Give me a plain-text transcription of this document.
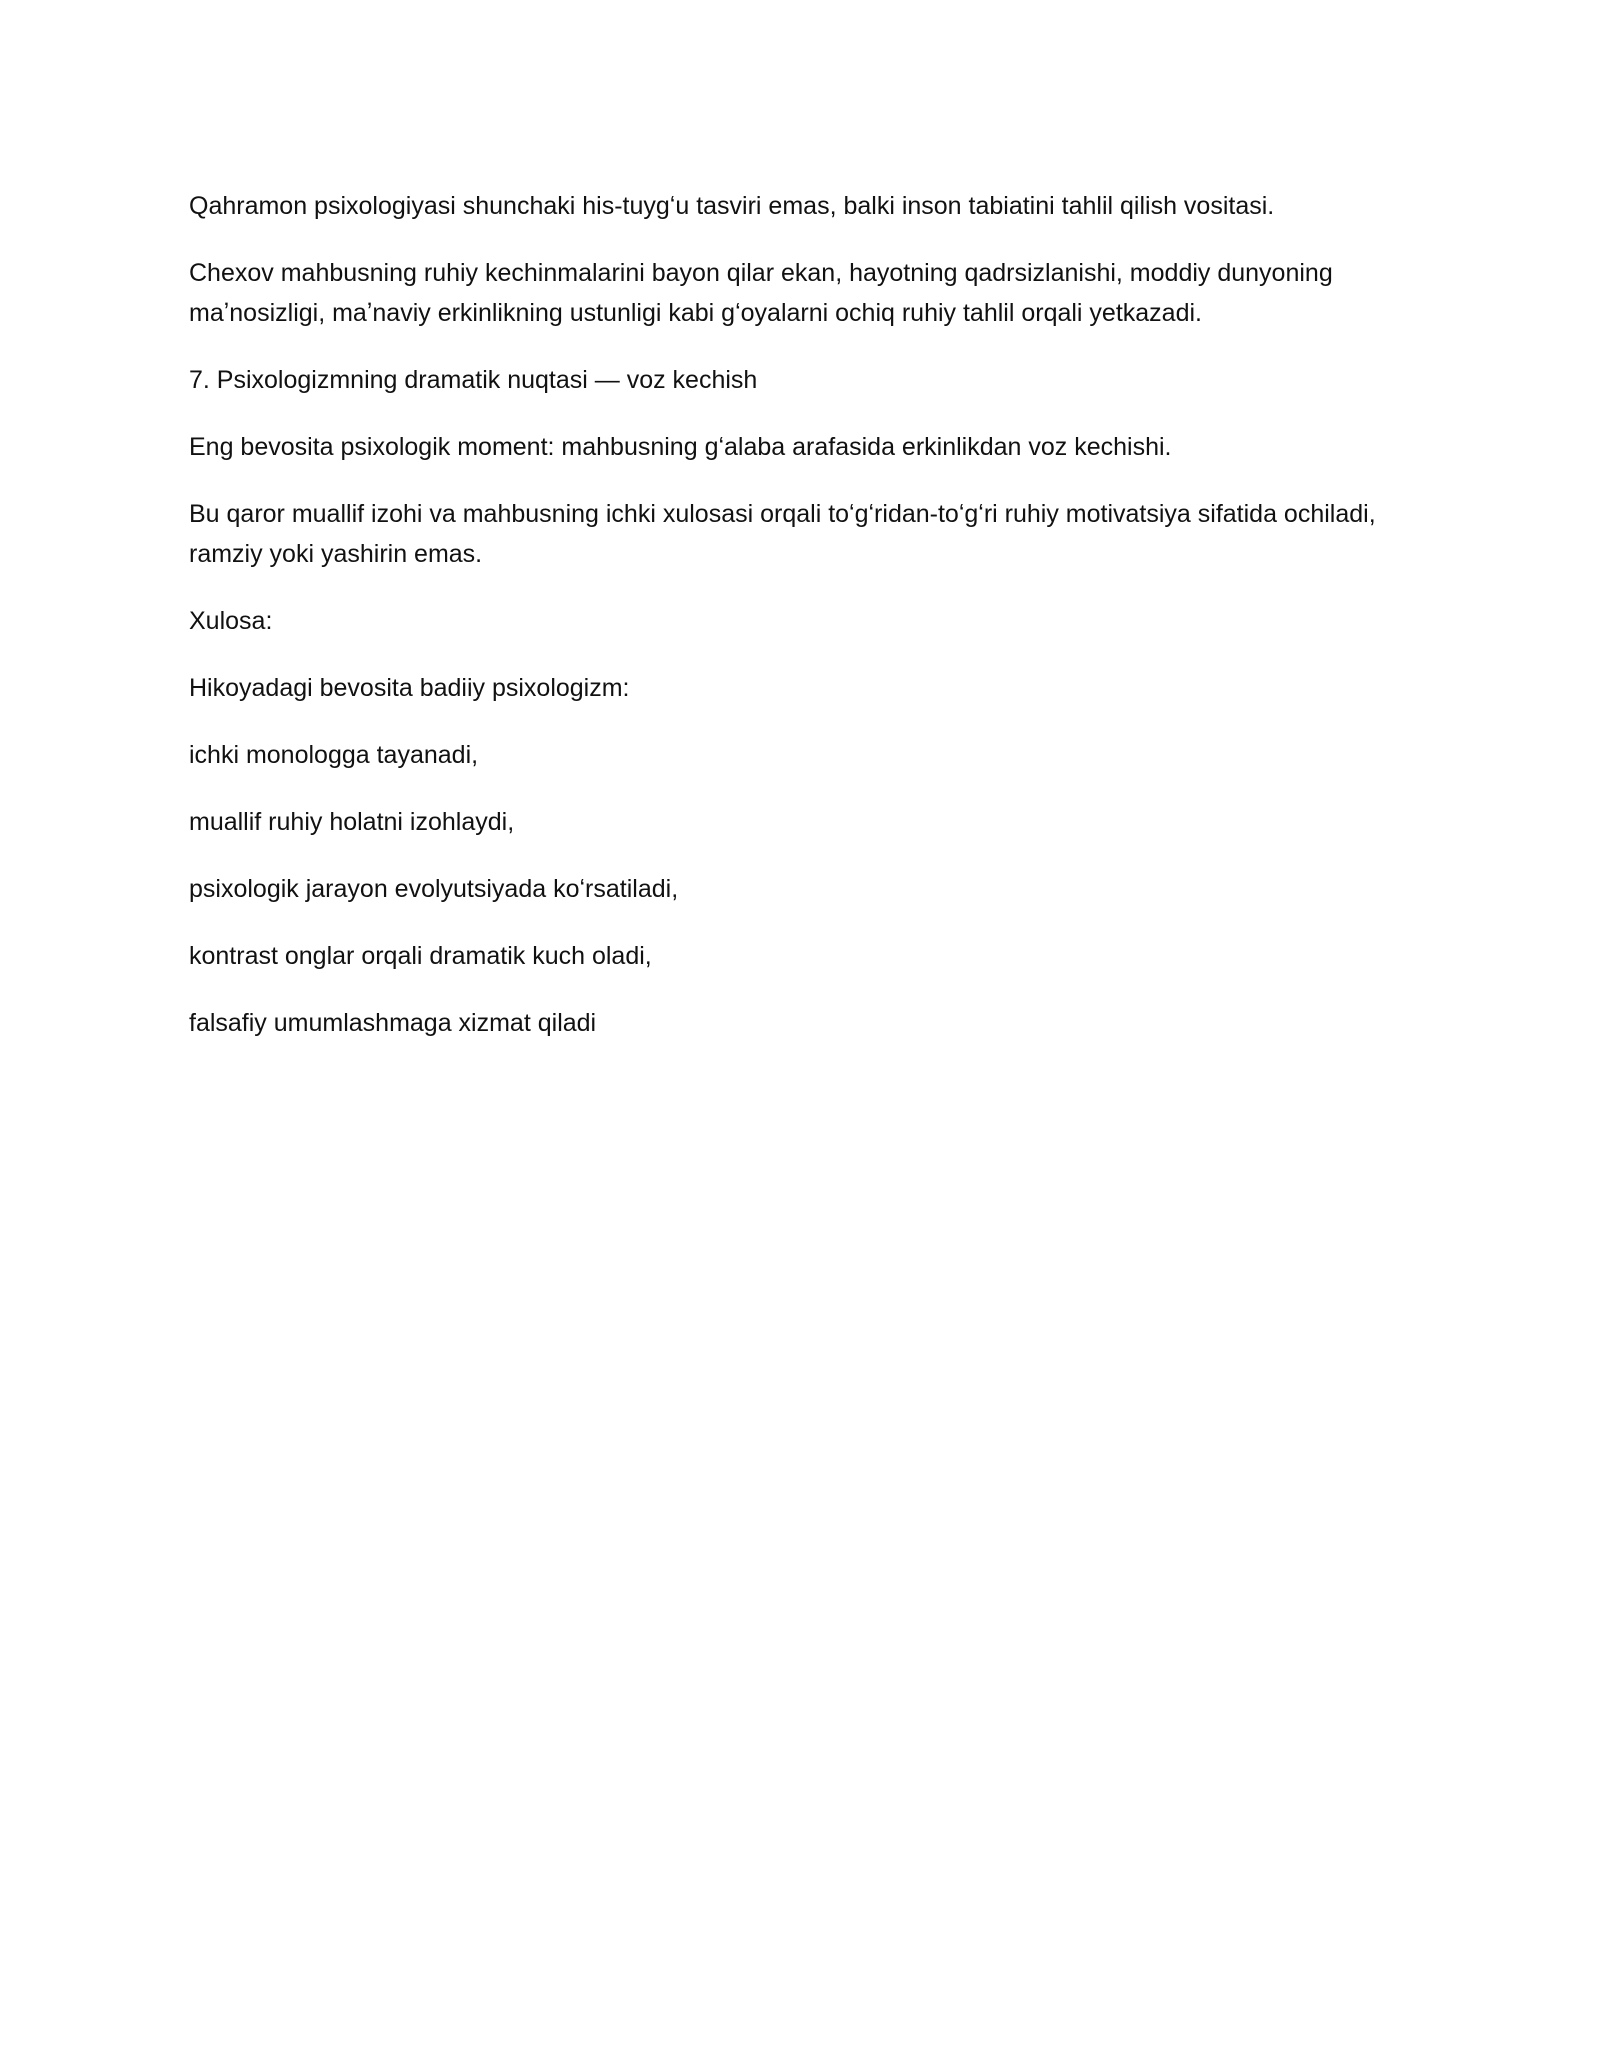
Qahramon psixologiyasi shunchaki his-tuygʻu tasviri emas, balki inson tabiatini tahlil qilish vositasi.

Chexov mahbusning ruhiy kechinmalarini bayon qilar ekan, hayotning qadrsizlanishi, moddiy dunyoning maʼnosizligi, maʼnaviy erkinlikning ustunligi kabi gʻoyalarni ochiq ruhiy tahlil orqali yetkazadi.

7. Psixologizmning dramatik nuqtasi — voz kechish

Eng bevosita psixologik moment: mahbusning gʻalaba arafasida erkinlikdan voz kechishi.

Bu qaror muallif izohi va mahbusning ichki xulosasi orqali toʻgʻridan-toʻgʻri ruhiy motivatsiya sifatida ochiladi, ramziy yoki yashirin emas.

Xulosa:

Hikoyadagi bevosita badiiy psixologizm:

ichki monologga tayanadi,

muallif ruhiy holatni izohlaydi,

psixologik jarayon evolyutsiyada koʻrsatiladi,

kontrast onglar orqali dramatik kuch oladi,

falsafiy umumlashmaga xizmat qiladi
